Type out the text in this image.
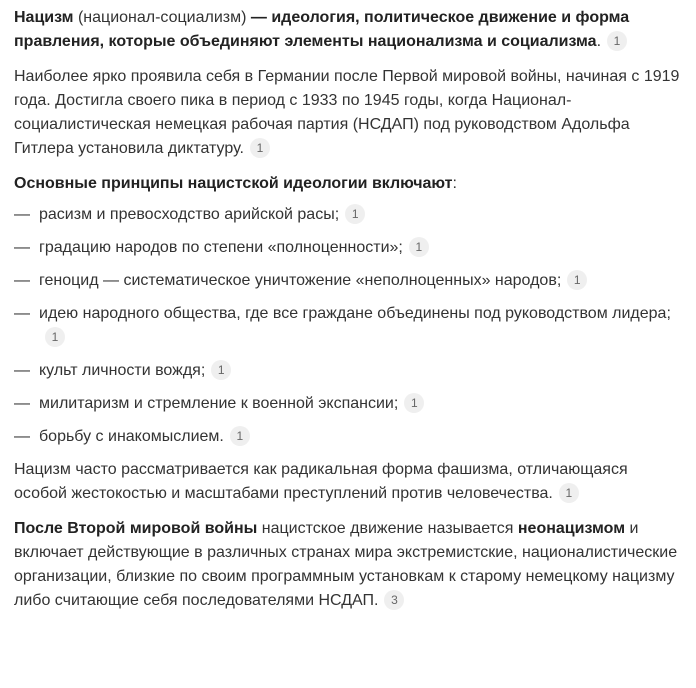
Нацизм (национал-социализм) — идеология, политическое движение и форма правления, которые объединяют элементы национализма и социализма. 1

Наиболее ярко проявила себя в Германии после Первой мировой войны, начиная с 1919 года. Достигла своего пика в период с 1933 по 1945 годы, когда Национал-социалистическая немецкая рабочая партия (НСДАП) под руководством Адольфа Гитлера установила диктатуру. 1

Основные принципы нацистской идеологии включают:

— расизм и превосходство арийской расы; 1
— градацию народов по степени «полноценности»; 1
— геноцид — систематическое уничтожение «неполноценных» народов; 1
— идею народного общества, где все граждане объединены под руководством лидера;1
— культ личности вождя; 1
— милитаризм и стремление к военной экспансии; 1
— борьбу с инакомыслием. 1

Нацизм часто рассматривается как радикальная форма фашизма, отличающаяся особой жестокостью и масштабами преступлений против человечества. 1

После Второй мировой войны нацистское движение называется неонацизмом и включает действующие в различных странах мира экстремистские, националистические организации, близкие по своим программным установкам к старому немецкому нацизму либо считающие себя последователями НСДАП. 3
